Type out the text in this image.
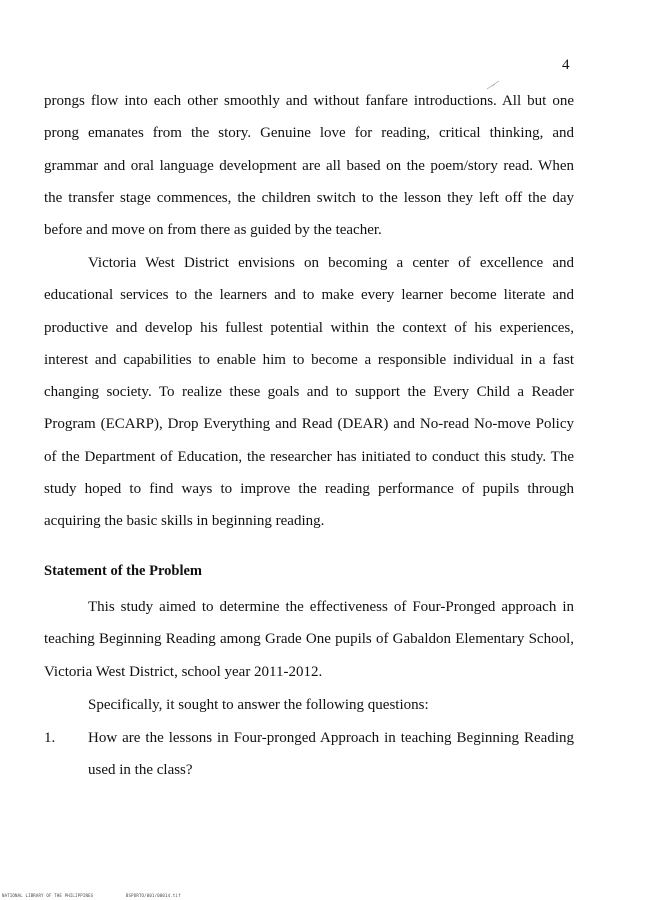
4
prongs flow into each other smoothly and without fanfare introductions. All but one prong emanates from the story. Genuine love for reading, critical thinking, and grammar and oral language development are all based on the poem/story read. When the transfer stage commences, the children switch to the lesson they left off the day before and move on from there as guided by the teacher.
Victoria West District envisions on becoming a center of excellence and educational services to the learners and to make every learner become literate and productive and develop his fullest potential within the context of his experiences, interest and capabilities to enable him to become a responsible individual in a fast changing society. To realize these goals and to support the Every Child a Reader Program (ECARP), Drop Everything and Read (DEAR) and No-read No-move Policy of the Department of Education, the researcher has initiated to conduct this study. The study hoped to find ways to improve the reading performance of pupils through acquiring the basic skills in beginning reading.
Statement of the Problem
This study aimed to determine the effectiveness of Four-Pronged approach in teaching Beginning Reading among Grade One pupils of Gabaldon Elementary School, Victoria West District, school year 2011-2012.
Specifically, it sought to answer the following questions:
1. How are the lessons in Four-pronged Approach in teaching Beginning Reading used in the class?
NATIONAL LIBRARY OF THE PHILIPPINES	BSPORTO/001/00014.tif
